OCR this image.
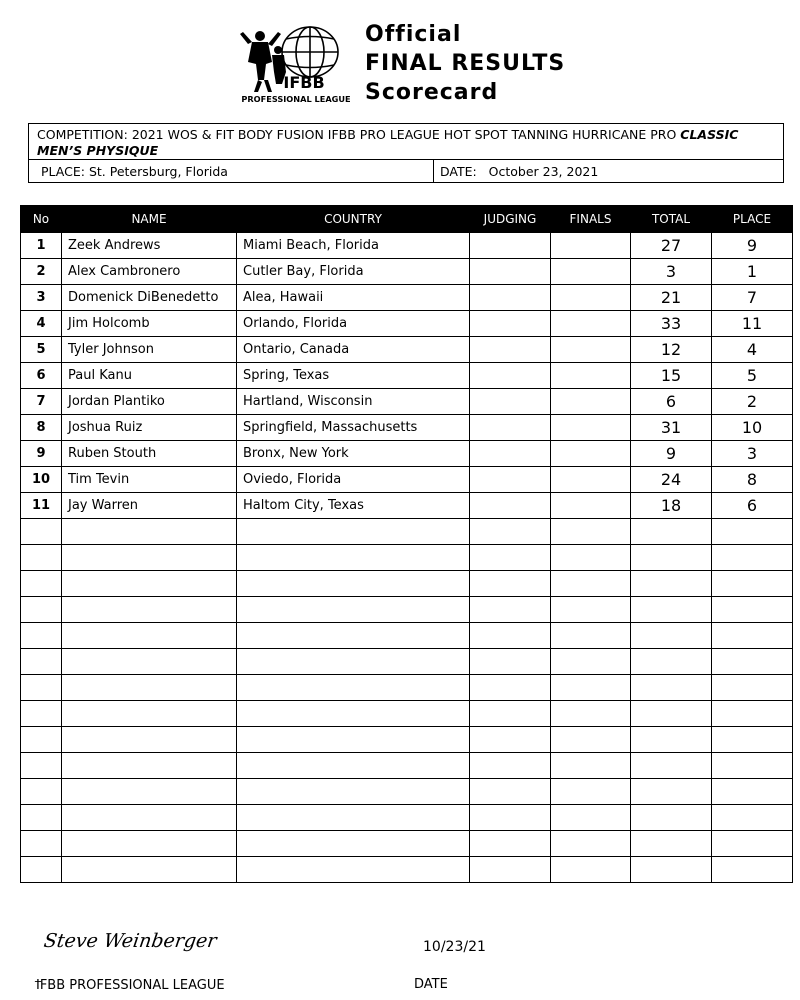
IFBB
PROFESSIONAL LEAGUE
Official
FINAL RESULTS
Scorecard
COMPETITION: 2021 WOS & FIT BODY FUSION IFBB PRO LEAGUE HOT SPOT TANNING HURRICANE PRO CLASSIC MEN’S PHYSIQUE
PLACE: St. Petersburg, Florida	DATE: October 23, 2021
No	NAME	COUNTRY	JUDGING	FINALS	TOTAL	PLACE
1	Zeek Andrews	Miami Beach, Florida			27	9
2	Alex Cambronero	Cutler Bay, Florida			3	1
3	Domenick DiBenedetto	Alea, Hawaii			21	7
4	Jim Holcomb	Orlando, Florida			33	11
5	Tyler Johnson	Ontario, Canada			12	4
6	Paul Kanu	Spring, Texas			15	5
7	Jordan Plantiko	Hartland, Wisconsin			6	2
8	Joshua Ruiz	Springfield, Massachusetts			31	10
9	Ruben Stouth	Bronx, New York			9	3
10	Tim Tevin	Oviedo, Florida			24	8
11	Jay Warren	Haltom City, Texas			18	6

Steve Weinberger
_
10/23/21
IFBB PROFESSIONAL LEAGUE	DATE
